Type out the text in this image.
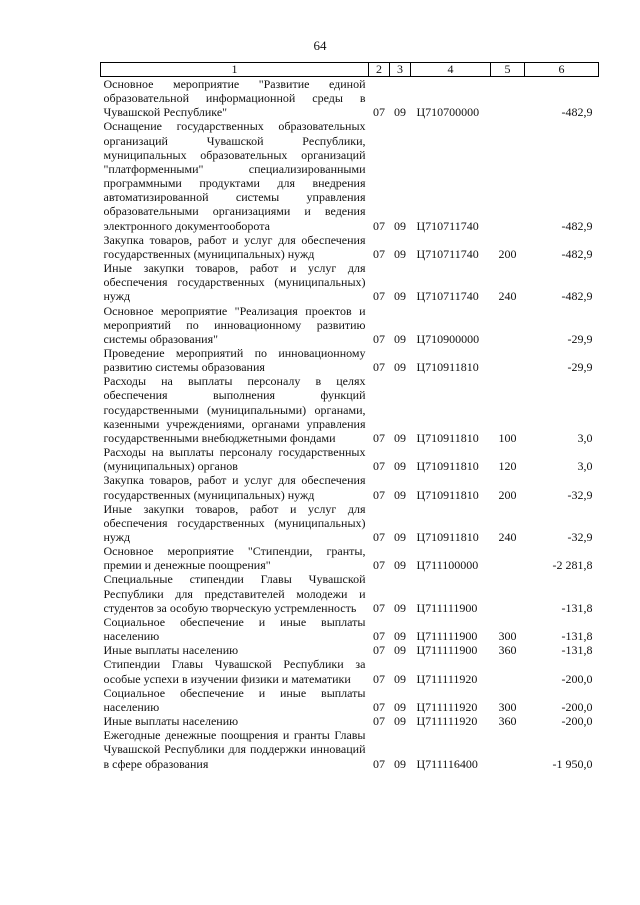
64
1	2	3	4	5	6
Основное мероприятие "Развитие единой образовательной информационной среды в Чувашской Республике"	07	09	Ц710700000		-482,9
Оснащение государственных образовательных организаций Чувашской Республики, муниципальных образовательных организаций "платформенными" специализированными программными продуктами для внедрения автоматизированной системы управления образовательными организациями и ведения электронного документооборота	07	09	Ц710711740		-482,9
Закупка товаров, работ и услуг для обеспечения государственных (муниципальных) нужд	07	09	Ц710711740	200	-482,9
Иные закупки товаров, работ и услуг для обеспечения государственных (муниципальных) нужд	07	09	Ц710711740	240	-482,9
Основное мероприятие "Реализация проектов и мероприятий по инновационному развитию системы образования"	07	09	Ц710900000		-29,9
Проведение мероприятий по инновационному развитию системы образования	07	09	Ц710911810		-29,9
Расходы на выплаты персоналу в целях обеспечения выполнения функций государственными (муниципальными) органами, казенными учреждениями, органами управления государственными внебюджетными фондами	07	09	Ц710911810	100	3,0
Расходы на выплаты персоналу государственных (муниципальных) органов	07	09	Ц710911810	120	3,0
Закупка товаров, работ и услуг для обеспечения государственных (муниципальных) нужд	07	09	Ц710911810	200	-32,9
Иные закупки товаров, работ и услуг для обеспечения государственных (муниципальных) нужд	07	09	Ц710911810	240	-32,9
Основное мероприятие "Стипендии, гранты, премии и денежные поощрения"	07	09	Ц711100000		-2 281,8
Специальные стипендии Главы Чувашской Республики для представителей молодежи и студентов за особую творческую устремленность	07	09	Ц711111900		-131,8
Социальное обеспечение и иные выплаты населению	07	09	Ц711111900	300	-131,8
Иные выплаты населению	07	09	Ц711111900	360	-131,8
Стипендии Главы Чувашской Республики за особые успехи в изучении физики и математики	07	09	Ц711111920		-200,0
Социальное обеспечение и иные выплаты населению	07	09	Ц711111920	300	-200,0
Иные выплаты населению	07	09	Ц711111920	360	-200,0
Ежегодные денежные поощрения и гранты Главы Чувашской Республики для поддержки инноваций в сфере образования	07	09	Ц711116400		-1 950,0
